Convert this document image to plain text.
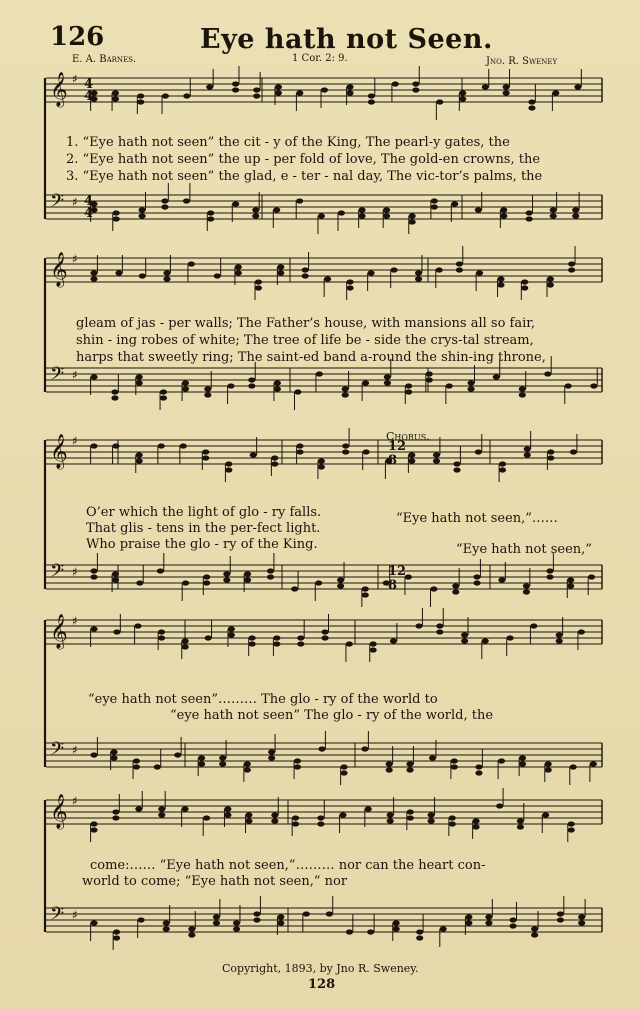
126	Eye hath not Seen.
E. A. Barnes.	1 Cor. 2: 9.	Jno. R. Sweney
𝄞 ♯
𝄢 ♯
𝄞 ♯
𝄢 ♯
𝄞 ♯
𝄢 ♯
𝄞 ♯
𝄢 ♯
𝄞 ♯
𝄢 ♯
4
4
4
4
12
8
12
8
1. “Eye hath not seen” the cit - y of the King, The pearl-y gates, the
2. “Eye hath not seen” the up - per fold of love, The gold-en crowns, the
3. “Eye hath not seen” the glad, e - ter - nal day, The vic-tor’s palms, the
gleam of jas - per walls; The Father’s house, with mansions all so fair,
shin - ing robes of white; The tree of life be - side the crys-tal stream,
harps that sweetly ring; The saint-ed band a-round the shin-ing throne,
Chorus.
O’er which the light of glo - ry falls.
That glis - tens in the per-fect light.
Who praise the glo - ry of the King.
“Eye hath not seen,”……
“Eye hath not seen,”
“eye hath not seen”……… The glo - ry of the world to
“eye hath not seen” The glo - ry of the world, the
come:…… “Eye hath not seen,”……… nor can the heart con-
world to come; “Eye hath not seen,” nor
Copyright, 1893, by Jno R. Sweney.
128
